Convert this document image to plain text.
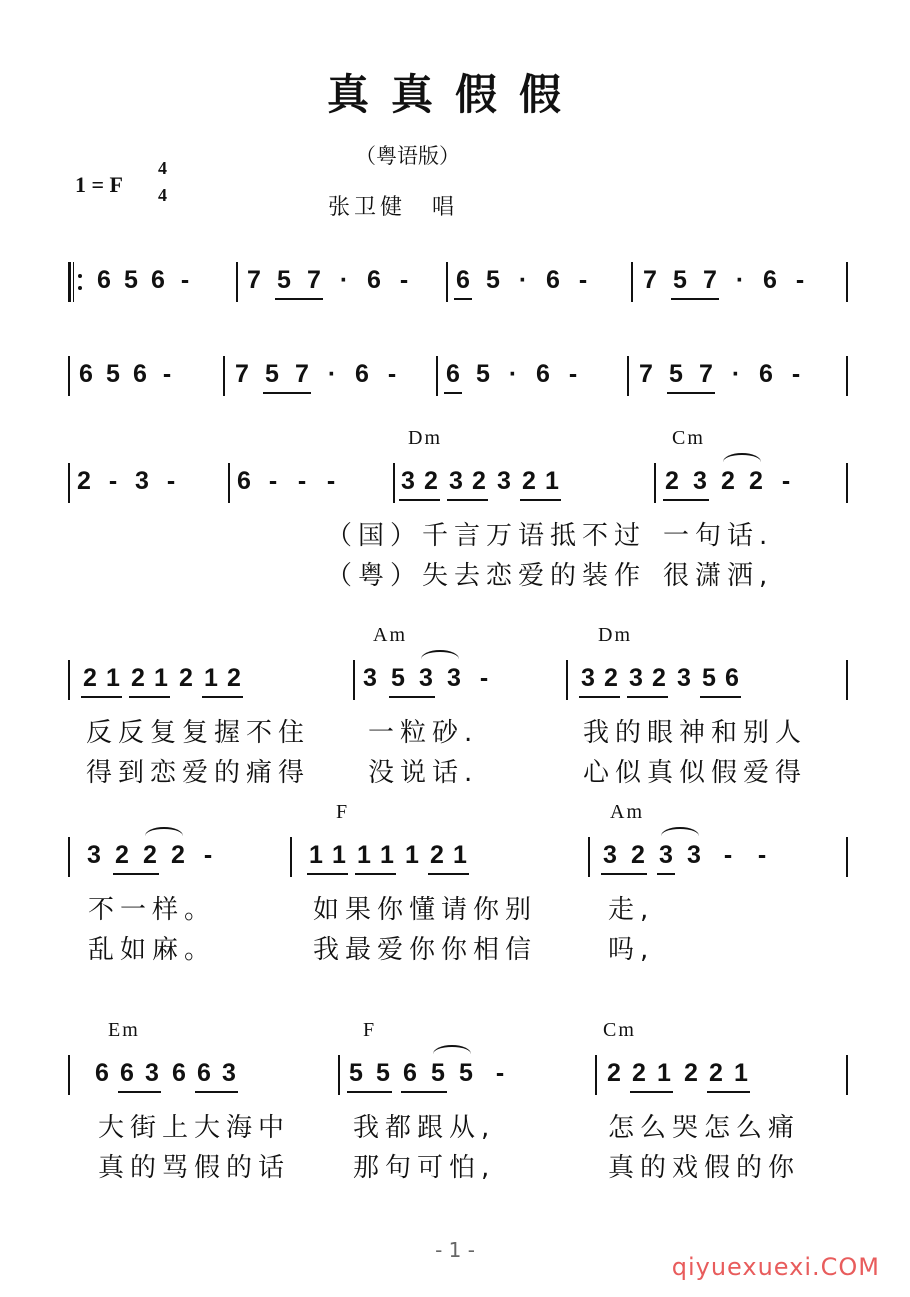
真真假假
（粤语版）
1 = F
4
4	张卫健　唱
6 5 6 -	7 5 7 · 6 -	6 5 · 6 -	7 5 7 · 6 -
6 5 6 -	7 5 7 · 6 -	6 5 · 6 -	7 5 7 · 6 -
2 - 3 -	6 - - -
Dm
3 2 3 2 3 2 1
Cm
2 3 2 2 -
（国）千言万语抵不过 一句话.
（粤）失去恋爱的装作 很潇洒,
2 1 2 1 2 1 2
Am
3 5 3 3 -
Dm
3 2 3 2 3 5 6
反反复复握不住 一粒砂.	我的眼神和别人
得到恋爱的痛得 没说话.	心似真似假爱得
3 2 2 2 -
F
1 1 1 1 1 2 1
Am
3 2 3 3 -	-
不一样。	如果你懂请你别	走,
乱如麻。	我最爱你你相信	吗,
Em
6 6 3 6 6 3
F
5 5 6 5 5 -
Cm
2 2 1 2 2 1
大街上大海中 我都跟从,	怎么哭怎么痛
真的骂假的话 那句可怕,	真的戏假的你
- 1 -
qiyuexuexi.COM
